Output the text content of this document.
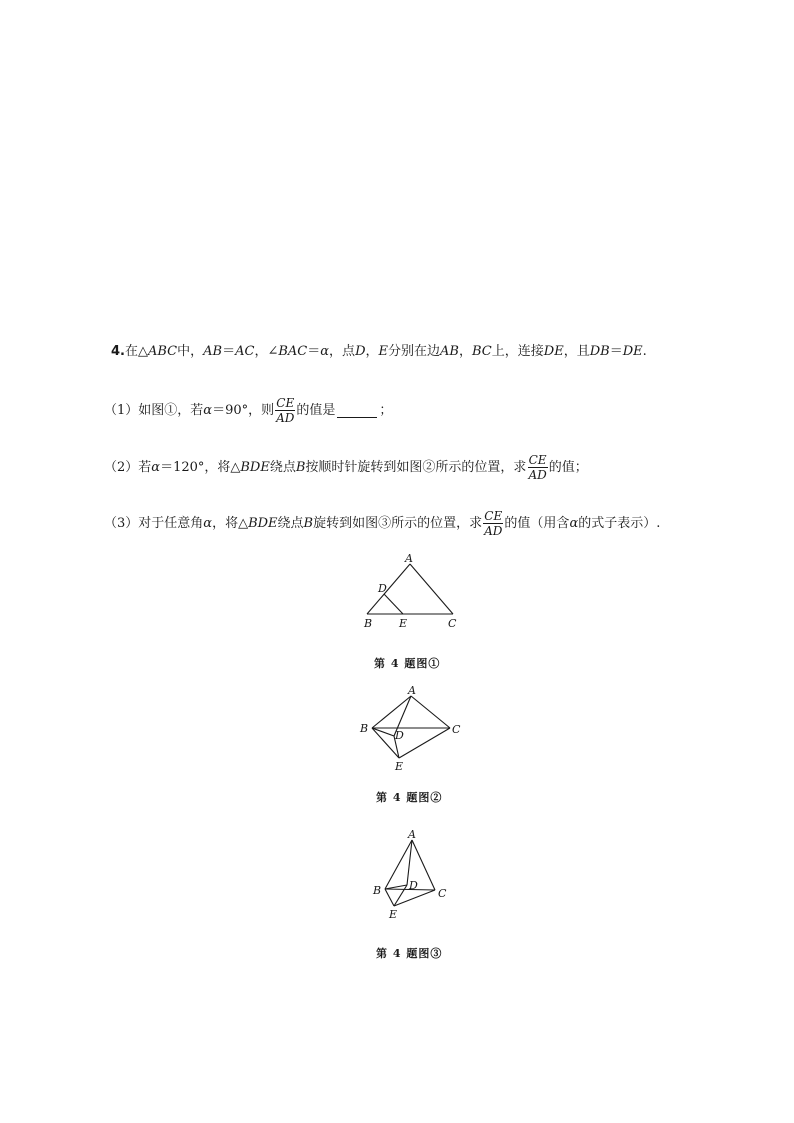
4. 在△ ABC 中， AB ＝ AC ，∠ BAC ＝ α ，点 D ， E 分别在边 AB ， BC 上，连接 DE ，且 DB ＝ DE .
（1）如图①，若 α ＝90°，则 $\frac{CE}{AD}$ 的值是	；
（2）若 α ＝120°，将△ BDE 绕点 B 按顺时针旋转到如图②所示的位置，求 $\frac{CE}{AD}$ 的值；
（3）对于任意角 α ，将△ BDE 绕点 B 旋转到如图③所示的位置，求 $\frac{CE}{AD}$ 的值（用含 α 的式子表示）.
A
D
B E	C
第 4 题图①
A
B	C
D
E
第 4 题图②
A
B	D
C
E
第 4 题图③
